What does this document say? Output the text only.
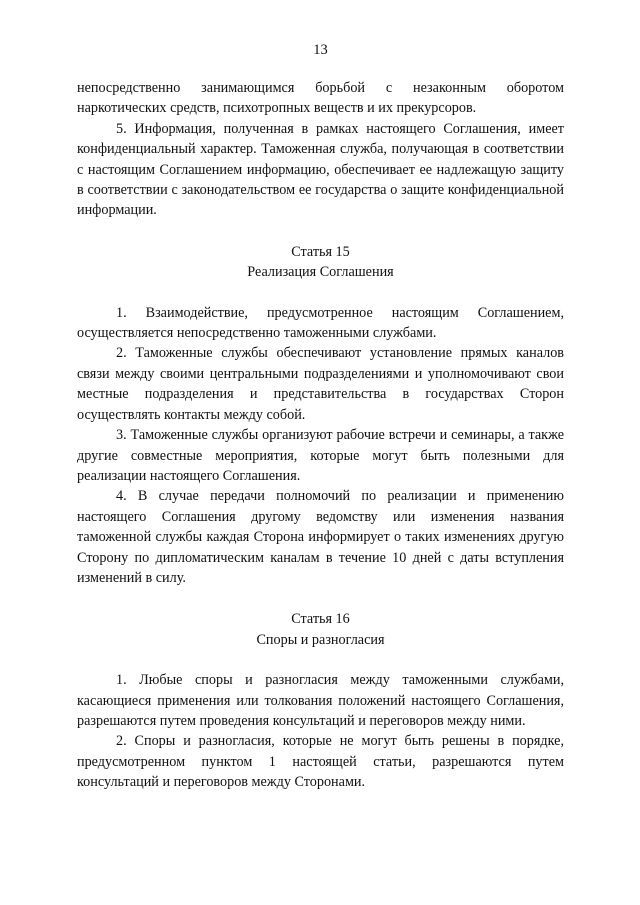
13

непосредственно занимающимся борьбой с незаконным оборотом наркотических средств, психотропных веществ и их прекурсоров.

5. Информация, полученная в рамках настоящего Соглашения, имеет конфиденциальный характер. Таможенная служба, получающая в соответствии с настоящим Соглашением информацию, обеспечивает ее надлежащую защиту в соответствии с законодательством ее государства о защите конфиденциальной информации.

Статья 15
Реализация Соглашения

1. Взаимодействие, предусмотренное настоящим Соглашением, осуществляется непосредственно таможенными службами.

2. Таможенные службы обеспечивают установление прямых каналов связи между своими центральными подразделениями и уполномочивают свои местные подразделения и представительства в государствах Сторон осуществлять контакты между собой.

3. Таможенные службы организуют рабочие встречи и семинары, а также другие совместные мероприятия, которые могут быть полезными для реализации настоящего Соглашения.

4. В случае передачи полномочий по реализации и применению настоящего Соглашения другому ведомству или изменения названия таможенной службы каждая Сторона информирует о таких изменениях другую Сторону по дипломатическим каналам в течение 10 дней с даты вступления изменений в силу.

Статья 16
Споры и разногласия

1. Любые споры и разногласия между таможенными службами, касающиеся применения или толкования положений настоящего Соглашения, разрешаются путем проведения консультаций и переговоров между ними.

2. Споры и разногласия, которые не могут быть решены в порядке, предусмотренном пунктом 1 настоящей статьи, разрешаются путем консультаций и переговоров между Сторонами.
